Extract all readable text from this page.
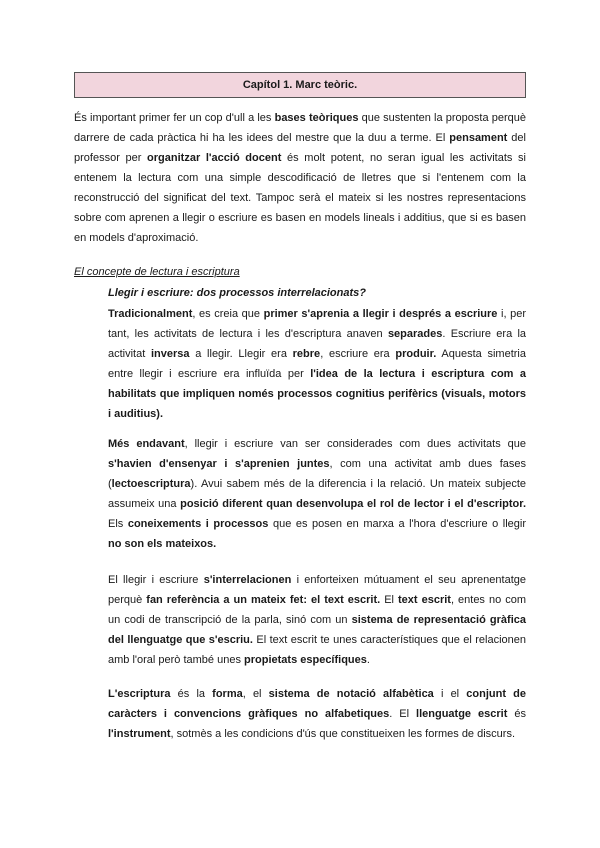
Capítol 1. Marc teòric.
És important primer fer un cop d'ull a les bases teòriques que sustenten la proposta perquè
darrere de cada pràctica hi ha les idees del mestre que la duu a terme. El pensament del
professor per organitzar l'acció docent és molt potent, no seran igual les activitats si
entenem la lectura com una simple descodificació de lletres que si l'entenem com la
reconstrucció del significat del text. Tampoc serà el mateix si les nostres representacions
sobre com aprenen a llegir o escriure es basen en models lineals i additius, que si es basen
en models d'aproximació.
El concepte de lectura i escriptura
Llegir i escriure: dos processos interrelacionats?
Tradicionalment, es creia que primer s'aprenia a llegir i després a escriure i, per
tant, les activitats de lectura i les d'escriptura anaven separades. Escriure era la
activitat inversa a llegir. Llegir era rebre, escriure era produir. Aquesta simetria
entre llegir i escriure era influïda per l'idea de la lectura i escriptura com a
habilitats que impliquen només processos cognitius perifèrics (visuals, motors
i auditius).
Més endavant, llegir i escriure van ser considerades com dues activitats que
s'havien d'ensenyar i s'aprenien juntes, com una activitat amb dues fases
(lectoescriptura). Avui sabem més de la diferencia i la relació. Un mateix subjecte
assumeix una posició diferent quan desenvolupa el rol de lector i el d'escriptor.
Els coneixements i processos que es posen en marxa a l'hora d'escriure o llegir
no son els mateixos.
El llegir i escriure s'interrelacionen i enforteixen mútuament el seu aprenentatge
perquè fan referència a un mateix fet: el text escrit. El text escrit, entes no com
un codi de transcripció de la parla, sinó com un sistema de representació gràfica
del llenguatge que s'escriu. El text escrit te unes característiques que el relacionen
amb l'oral però també unes propietats específiques.
L'escriptura és la forma, el sistema de notació alfabètica i el conjunt de
caràcters i convencions gràfiques no alfabetiques. El llenguatge escrit és
l'instrument, sotmès a les condicions d'ús que constitueixen les formes de discurs.
